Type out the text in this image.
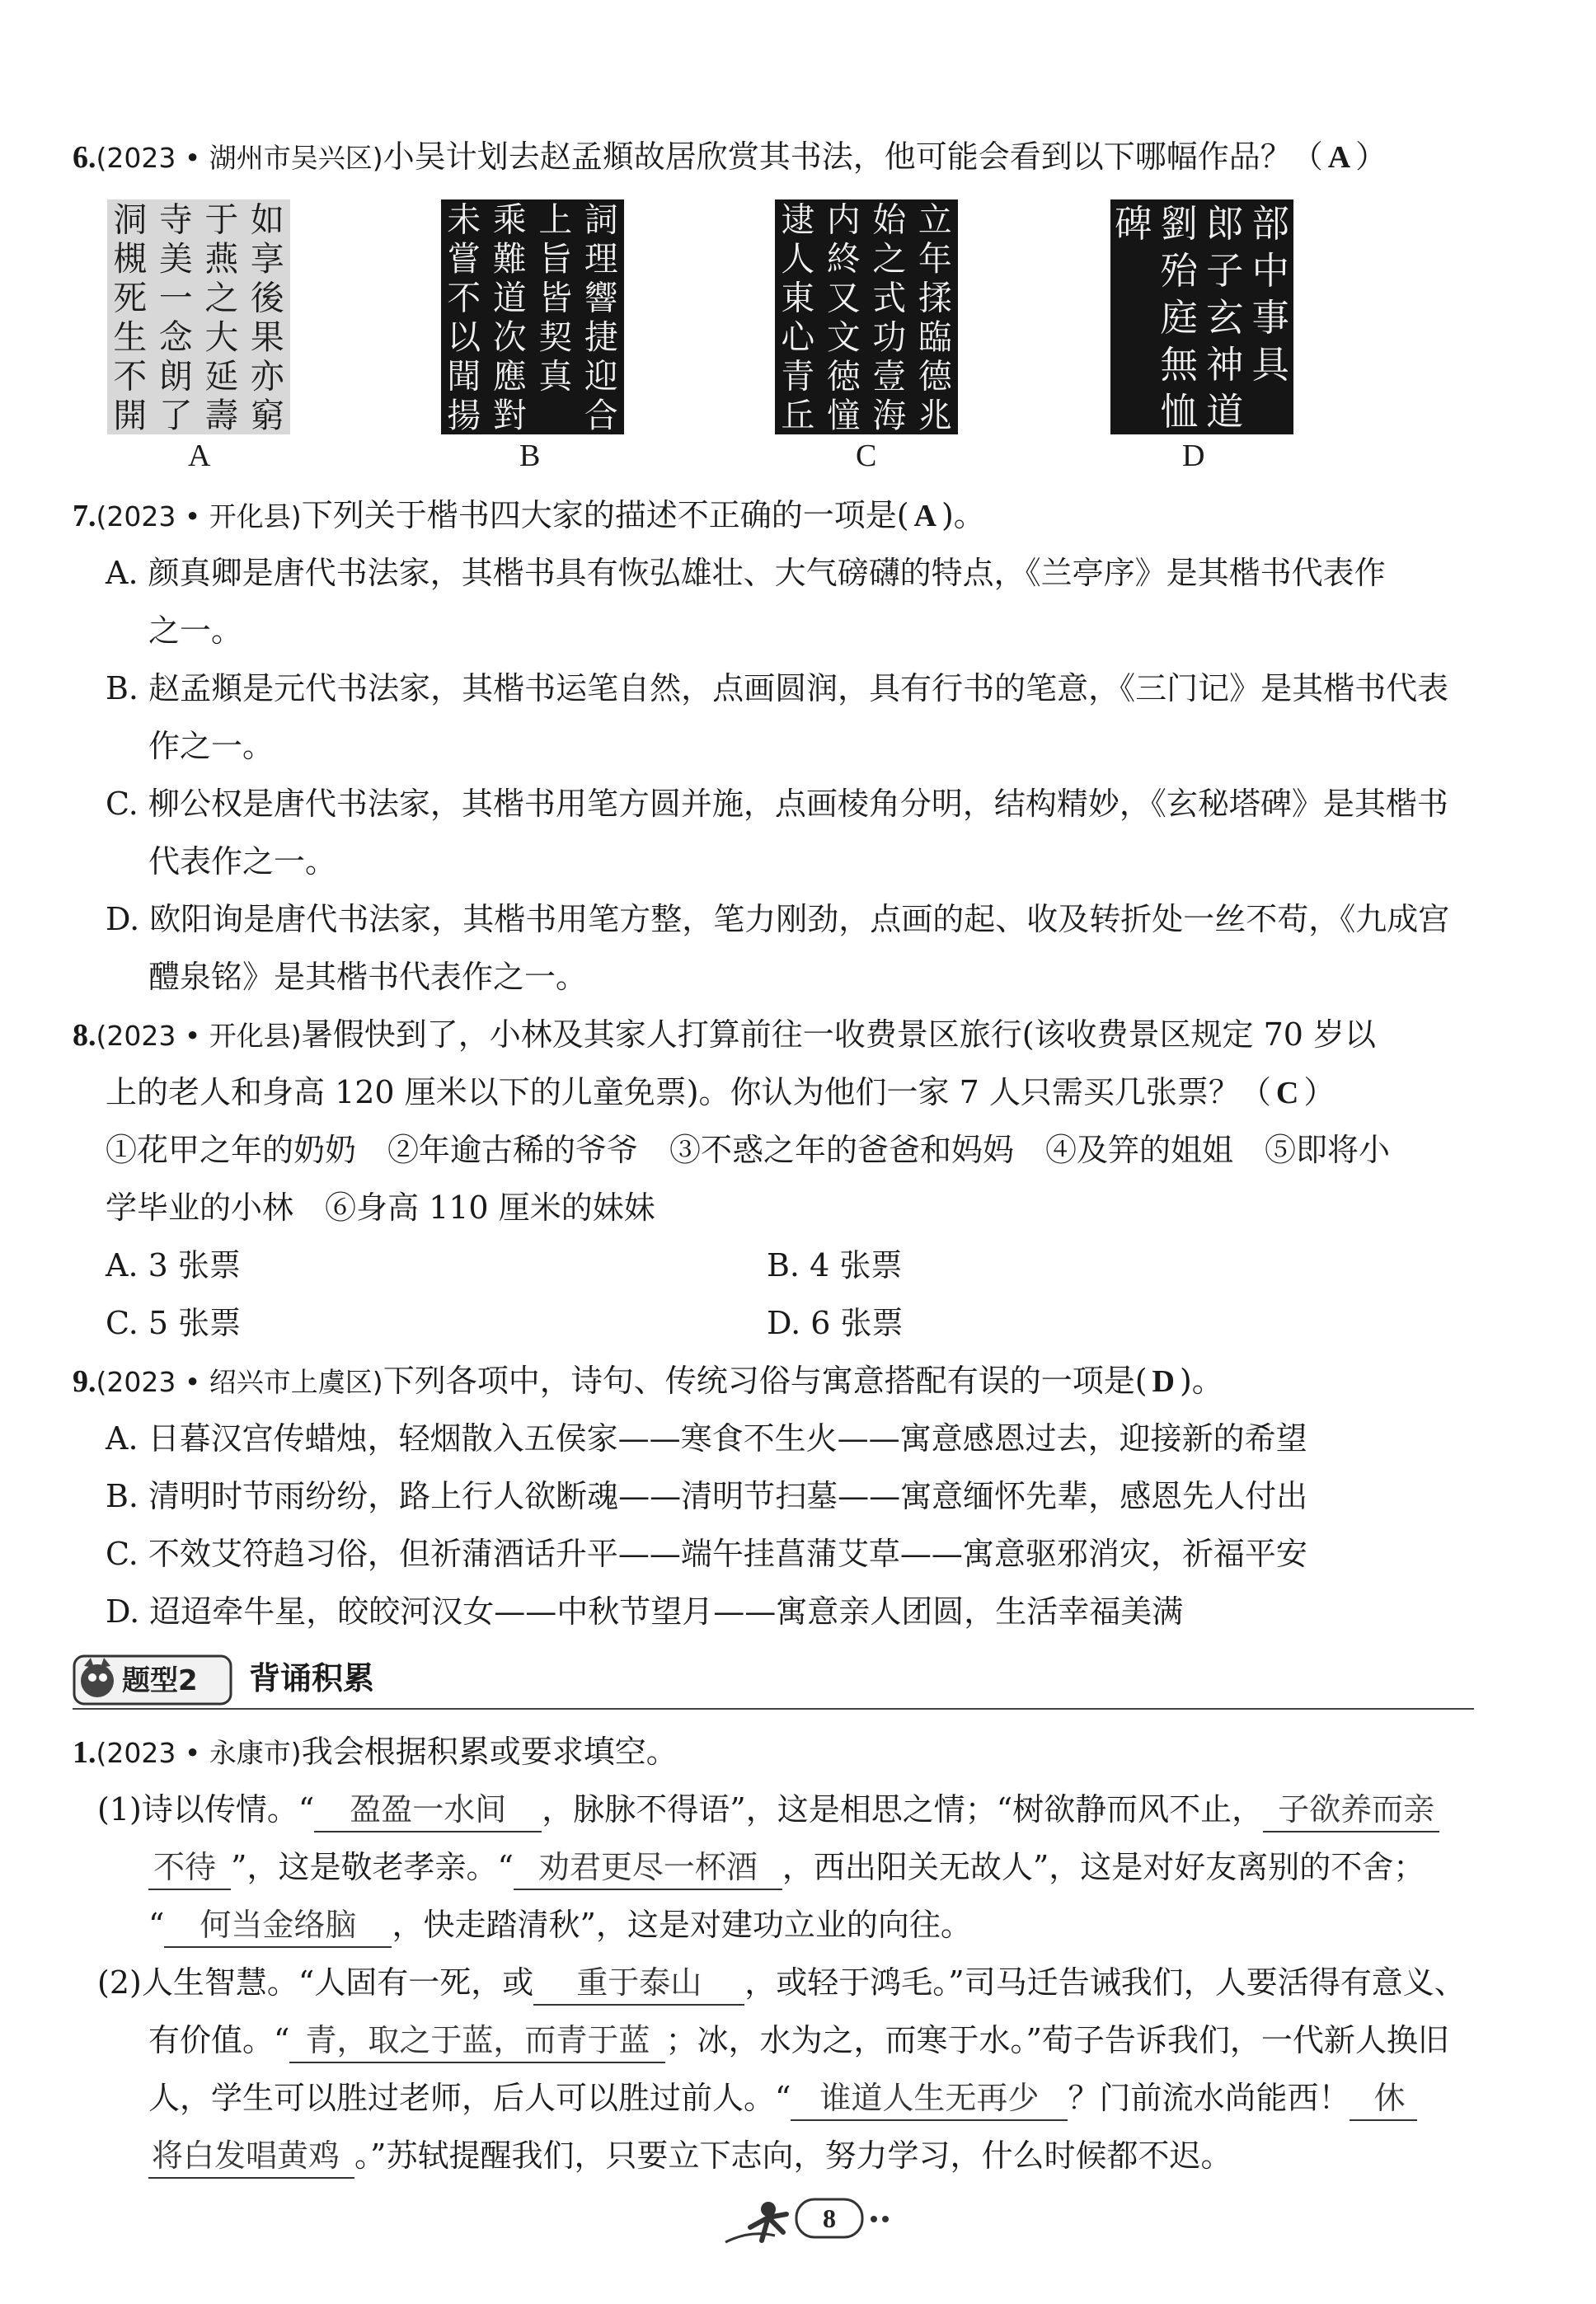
6.(2023 • 湖州市吴兴区)小吴计划去赵孟頫故居欣赏其书法，他可能会看到以下哪幅作品？（ A ）
如
享
後
果
亦
窮
于
燕
之
大
延
壽
寺
美
一
念
朗
了
洞
槻
死
生
不
開
詞
理
響
捷
迎
合
上
旨
皆
契
真
乘
難
道
次
應
對
未
嘗
不
以
聞
揚
立
年
揉
臨
德
兆
始
之
式
功
壹
海
内
終
又
文
徳
憧
逮
人
東
心
青
丘
部
中
事
具
郎
子
玄
神
道
劉
殆
庭
無
恤
碑
A	B	C	D
7.(2023 • 开化县)下列关于楷书四大家的描述不正确的一项是( A )。
A. 颜真卿是唐代书法家，其楷书具有恢弘雄壮、大气磅礴的特点，《兰亭序》是其楷书代表作
之一。
B. 赵孟頫是元代书法家，其楷书运笔自然，点画圆润，具有行书的笔意，《三门记》是其楷书代表
作之一。
C. 柳公权是唐代书法家，其楷书用笔方圆并施，点画棱角分明，结构精妙，《玄秘塔碑》是其楷书
代表作之一。
D. 欧阳询是唐代书法家，其楷书用笔方整，笔力刚劲，点画的起、收及转折处一丝不苟，《九成宫
醴泉铭》是其楷书代表作之一。
8.(2023 • 开化县)暑假快到了，小林及其家人打算前往一收费景区旅行(该收费景区规定 70 岁以
上的老人和身高 120 厘米以下的儿童免票)。你认为他们一家 7 人只需买几张票？（ C ）
①花甲之年的奶奶　②年逾古稀的爷爷　③不惑之年的爸爸和妈妈　④及笄的姐姐　⑤即将小
学毕业的小林　⑥身高 110 厘米的妹妹
A. 3 张票	B. 4 张票
C. 5 张票	D. 6 张票
9.(2023 • 绍兴市上虞区)下列各项中，诗句、传统习俗与寓意搭配有误的一项是( D )。
A. 日暮汉宫传蜡烛，轻烟散入五侯家——寒食不生火——寓意感恩过去，迎接新的希望
B. 清明时节雨纷纷，路上行人欲断魂——清明节扫墓——寓意缅怀先辈，感恩先人付出
C. 不效艾符趋习俗，但祈蒲酒话升平——端午挂菖蒲艾草——寓意驱邪消灾，祈福平安
D. 迢迢牵牛星，皎皎河汉女——中秋节望月——寓意亲人团圆，生活幸福美满
题型2 背诵积累
1.(2023 • 永康市)我会根据积累或要求填空。
(1)诗以传情。“ 盈盈一水间 ，脉脉不得语”，这是相思之情；“树欲静而风不止， 子欲养而亲
不待 ”，这是敬老孝亲。“ 劝君更尽一杯酒 ，西出阳关无故人”，这是对好友离别的不舍；
“ 何当金络脑 ，快走踏清秋”，这是对建功立业的向往。
(2)人生智慧。“人固有一死，或 重于泰山 ，或轻于鸿毛。”司马迁告诫我们，人要活得有意义、
有价值。“ 青，取之于蓝，而青于蓝 ；冰，水为之，而寒于水。”荀子告诉我们，一代新人换旧
人，学生可以胜过老师，后人可以胜过前人。“ 谁道人生无再少 ？门前流水尚能西！ 休
将白发唱黄鸡 。”苏轼提醒我们，只要立下志向，努力学习，什么时候都不迟。
8
